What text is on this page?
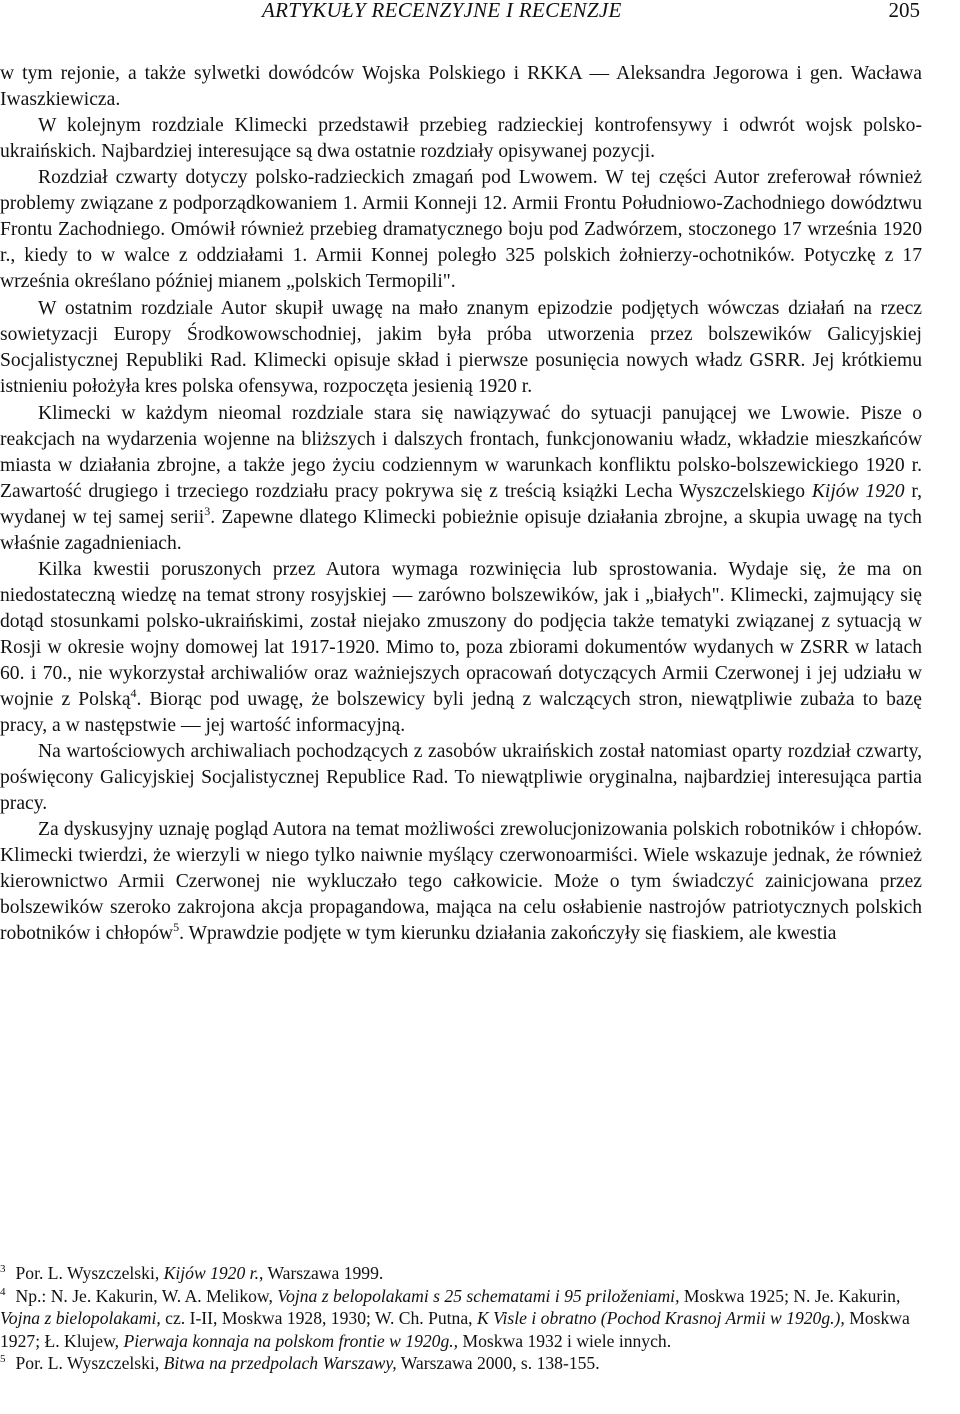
ARTYKUŁY RECENZYJNE I RECENZJE	205

w tym rejonie, a także sylwetki dowódców Wojska Polskiego i RKKA — Aleksandra Jegorowa i gen. Wacława Iwaszkiewicza.

W kolejnym rozdziale Klimecki przedstawił przebieg radzieckiej kontrofensywy i odwrót wojsk polsko-ukraińskich. Najbardziej interesujące są dwa ostatnie rozdziały opisywanej pozycji.

Rozdział czwarty dotyczy polsko-radzieckich zmagań pod Lwowem. W tej części Autor zreferował również problemy związane z podporządkowaniem 1. Armii Konneji 12. Armii Frontu Południowo-Zachodniego dowództwu Frontu Zachodniego. Omówił również przebieg dramatycznego boju pod Zadwórzem, stoczonego 17 września 1920 r., kiedy to w walce z oddziałami 1. Armii Konnej poległo 325 polskich żołnierzy-ochotników. Potyczkę z 17 września określano później mianem „polskich Termopili".

W ostatnim rozdziale Autor skupił uwagę na mało znanym epizodzie podjętych wówczas działań na rzecz sowietyzacji Europy Środkowowschodniej, jakim była próba utworzenia przez bolszewików Galicyjskiej Socjalistycznej Republiki Rad. Klimecki opisuje skład i pierwsze posunięcia nowych władz GSRR. Jej krótkiemu istnieniu położyła kres polska ofensywa, rozpoczęta jesienią 1920 r.

Klimecki w każdym nieomal rozdziale stara się nawiązywać do sytuacji panującej we Lwowie. Pisze o reakcjach na wydarzenia wojenne na bliższych i dalszych frontach, funkcjonowaniu władz, wkładzie mieszkańców miasta w działania zbrojne, a także jego życiu codziennym w warunkach konfliktu polsko-bolszewickiego 1920 r. Zawartość drugiego i trzeciego rozdziału pracy pokrywa się z treścią książki Lecha Wyszczelskiego Kijów 1920 r, wydanej w tej samej serii$^3$. Zapewne dlatego Klimecki pobieżnie opisuje działania zbrojne, a skupia uwagę na tych właśnie zagadnieniach.

Kilka kwestii poruszonych przez Autora wymaga rozwinięcia lub sprostowania. Wydaje się, że ma on niedostateczną wiedzę na temat strony rosyjskiej — zarówno bolszewików, jak i „białych". Klimecki, zajmujący się dotąd stosunkami polsko-ukraińskimi, został niejako zmuszony do podjęcia także tematyki związanej z sytuacją w Rosji w okresie wojny domowej lat 1917-1920. Mimo to, poza zbiorami dokumentów wydanych w ZSRR w latach 60. i 70., nie wykorzystał archiwaliów oraz ważniejszych opracowań dotyczących Armii Czerwonej i jej udziału w wojnie z Polską$^4$. Biorąc pod uwagę, że bolszewicy byli jedną z walczących stron, niewątpliwie zubaża to bazę pracy, a w następstwie — jej wartość informacyjną.

Na wartościowych archiwaliach pochodzących z zasobów ukraińskich został natomiast oparty rozdział czwarty, poświęcony Galicyjskiej Socjalistycznej Republice Rad. To niewątpliwie oryginalna, najbardziej interesująca partia pracy.

Za dyskusyjny uznaję pogląd Autora na temat możliwości zrewolucjonizowania polskich robotników i chłopów. Klimecki twierdzi, że wierzyli w niego tylko naiwnie myślący czerwonoarmiści. Wiele wskazuje jednak, że również kierownictwo Armii Czerwonej nie wykluczało tego całkowicie. Może o tym świadczyć zainicjowana przez bolszewików szeroko zakrojona akcja propagandowa, mająca na celu osłabienie nastrojów patriotycznych polskich robotników i chłopów$^5$. Wprawdzie podjęte w tym kierunku działania zakończyły się fiaskiem, ale kwestia

$^3$ Por. L. Wyszczelski, Kijów 1920 r., Warszawa 1999.

$^4$ Np.: N. Je. Kakurin, W. A. Melikow, Vojna z belopolakami s 25 schematami i 95 priloženiami, Moskwa 1925; N. Je. Kakurin, Vojna z bielopolakami, cz. I-II, Moskwa 1928, 1930; W. Ch. Putna, K Visle i obratno (Pochod Krasnoj Armii w 1920g.), Moskwa 1927; Ł. Klujew, Pierwaja konnaja na polskom frontie w 1920g., Moskwa 1932 i wiele innych.

$^5$ Por. L. Wyszczelski, Bitwa na przedpolach Warszawy, Warszawa 2000, s. 138-155.
